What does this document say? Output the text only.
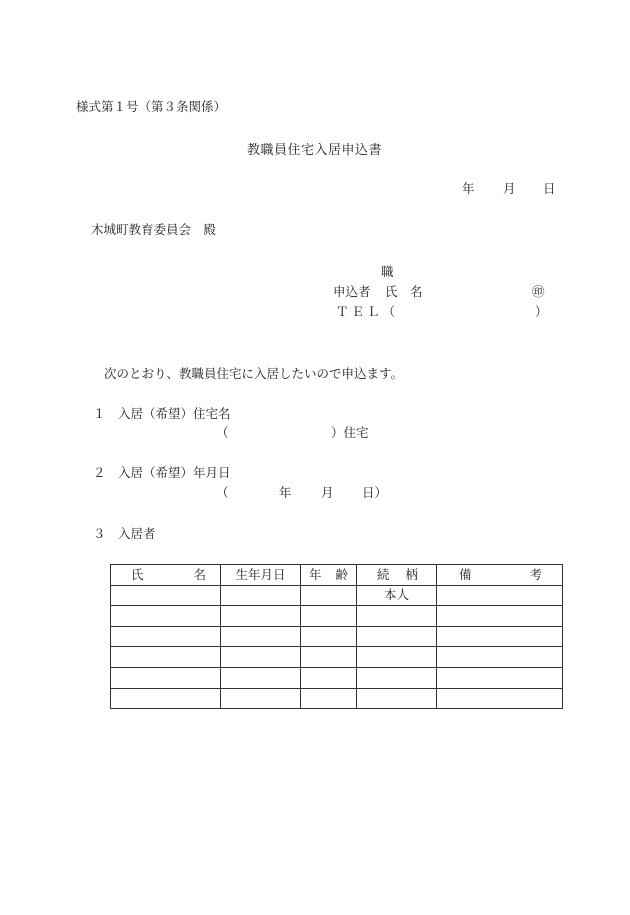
様式第１号（第３条関係）
教職員住宅入居申込書
年 月 日
木城町教育委員会　殿
職
申込者 氏　名	㊞
ＴＥＬ（	）
次のとおり、教職員住宅に入居したいので申込ます。
１ 入居（希望）住宅名
（	）住宅
２ 入居（希望）年月日
（	年 月 日）
３ 入居者
氏 名	生年月日	年 齢	続 柄	備 考

			本人	
